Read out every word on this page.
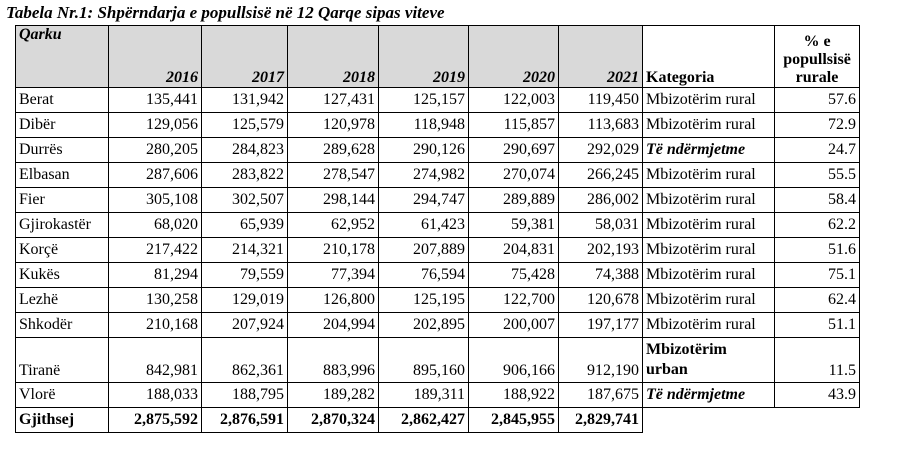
Tabela Nr.1: Shpërndarja e popullsisë në 12 Qarqe sipas viteve
Qarku	2016	2017	2018	2019	2020	2021	Kategoria	% e
popullsisë
rurale

Berat	135,441	131,942	127,431	125,157	122,003	119,450	Mbizotërim rural	57.6
Dibër	129,056	125,579	120,978	118,948	115,857	113,683	Mbizotërim rural	72.9
Durrës	280,205	284,823	289,628	290,126	290,697	292,029	Të ndërmjetme	24.7
Elbasan	287,606	283,822	278,547	274,982	270,074	266,245	Mbizotërim rural	55.5
Fier	305,108	302,507	298,144	294,747	289,889	286,002	Mbizotërim rural	58.4
Gjirokastër	68,020	65,939	62,952	61,423	59,381	58,031	Mbizotërim rural	62.2
Korçë	217,422	214,321	210,178	207,889	204,831	202,193	Mbizotërim rural	51.6
Kukës	81,294	79,559	77,394	76,594	75,428	74,388	Mbizotërim rural	75.1
Lezhë	130,258	129,019	126,800	125,195	122,700	120,678	Mbizotërim rural	62.4
Shkodër	210,168	207,924	204,994	202,895	200,007	197,177	Mbizotërim rural	51.1
Tiranë	842,981	862,361	883,996	895,160	906,166	912,190	Mbizotërim urban	11.5
Vlorë	188,033	188,795	189,282	189,311	188,922	187,675	Të ndërmjetme	43.9
Gjithsej	2,875,592	2,876,591	2,870,324	2,862,427	2,845,955	2,829,741		
